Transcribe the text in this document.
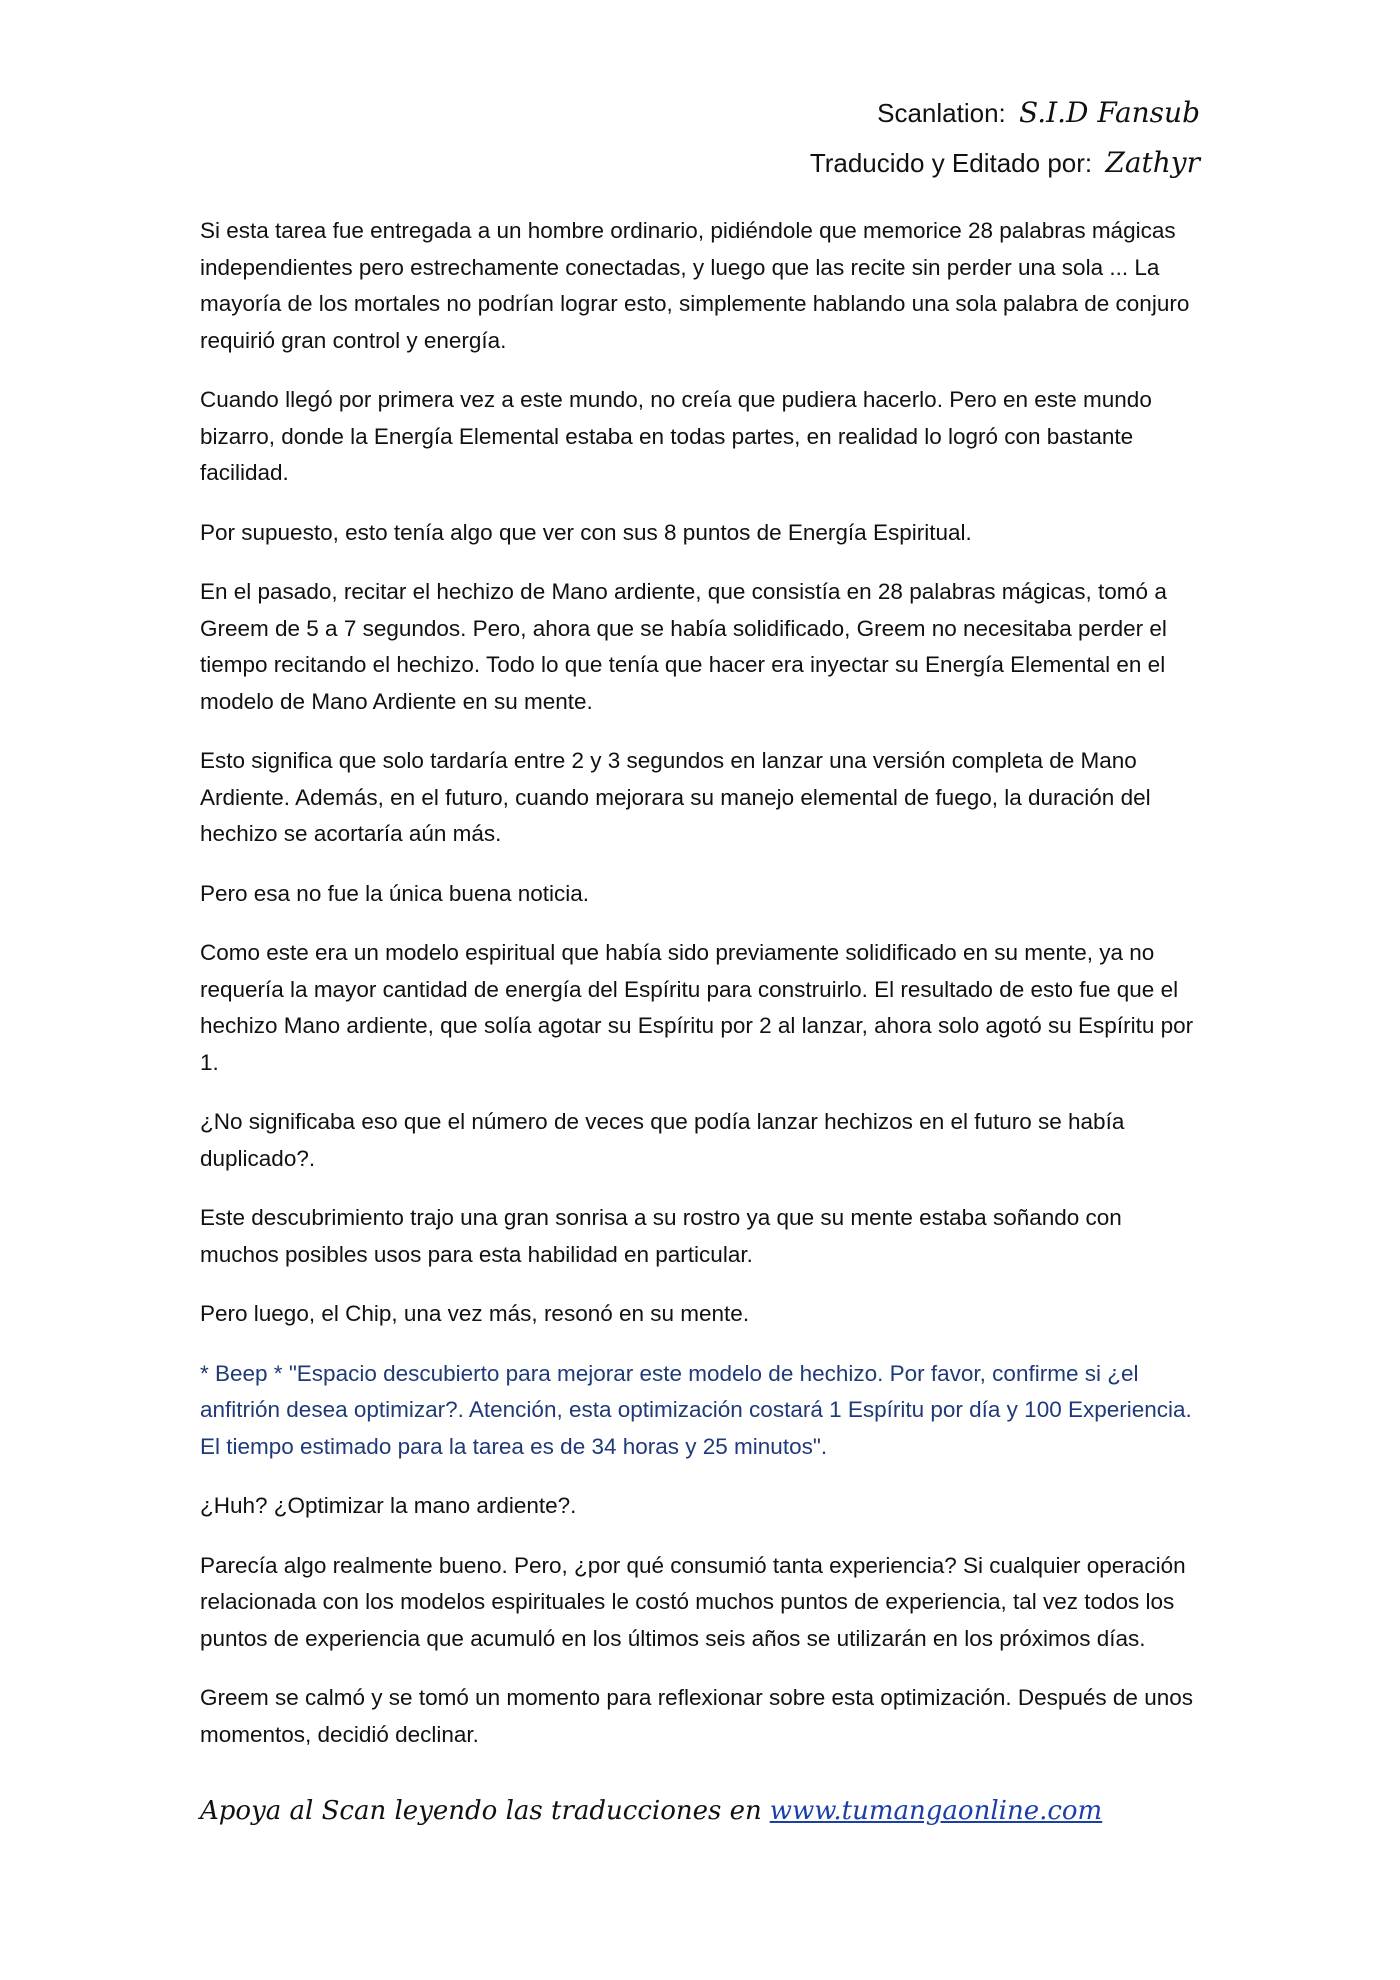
Scanlation: S.I.D Fansub
Traducido y Editado por: Zathyr

Si esta tarea fue entregada a un hombre ordinario, pidiéndole que memorice 28 palabras mágicas independientes pero estrechamente conectadas, y luego que las recite sin perder una sola ... La mayoría de los mortales no podrían lograr esto, simplemente hablando una sola palabra de conjuro requirió gran control y energía.

Cuando llegó por primera vez a este mundo, no creía que pudiera hacerlo. Pero en este mundo bizarro, donde la Energía Elemental estaba en todas partes, en realidad lo logró con bastante facilidad.

Por supuesto, esto tenía algo que ver con sus 8 puntos de Energía Espiritual.

En el pasado, recitar el hechizo de Mano ardiente, que consistía en 28 palabras mágicas, tomó a Greem de 5 a 7 segundos. Pero, ahora que se había solidificado, Greem no necesitaba perder el tiempo recitando el hechizo. Todo lo que tenía que hacer era inyectar su Energía Elemental en el modelo de Mano Ardiente en su mente.

Esto significa que solo tardaría entre 2 y 3 segundos en lanzar una versión completa de Mano Ardiente. Además, en el futuro, cuando mejorara su manejo elemental de fuego, la duración del hechizo se acortaría aún más.

Pero esa no fue la única buena noticia.

Como este era un modelo espiritual que había sido previamente solidificado en su mente, ya no requería la mayor cantidad de energía del Espíritu para construirlo. El resultado de esto fue que el hechizo Mano ardiente, que solía agotar su Espíritu por 2 al lanzar, ahora solo agotó su Espíritu por 1.

¿No significaba eso que el número de veces que podía lanzar hechizos en el futuro se había duplicado?.

Este descubrimiento trajo una gran sonrisa a su rostro ya que su mente estaba soñando con muchos posibles usos para esta habilidad en particular.

Pero luego, el Chip, una vez más, resonó en su mente.

* Beep * "Espacio descubierto para mejorar este modelo de hechizo. Por favor, confirme si ¿el anfitrión desea optimizar?. Atención, esta optimización costará 1 Espíritu por día y 100 Experiencia. El tiempo estimado para la tarea es de 34 horas y 25 minutos".

¿Huh? ¿Optimizar la mano ardiente?.

Parecía algo realmente bueno. Pero, ¿por qué consumió tanta experiencia? Si cualquier operación relacionada con los modelos espirituales le costó muchos puntos de experiencia, tal vez todos los puntos de experiencia que acumuló en los últimos seis años se utilizarán en los próximos días.

Greem se calmó y se tomó un momento para reflexionar sobre esta optimización. Después de unos momentos, decidió declinar.

Apoya al Scan leyendo las traducciones en www.tumangaonline.com
